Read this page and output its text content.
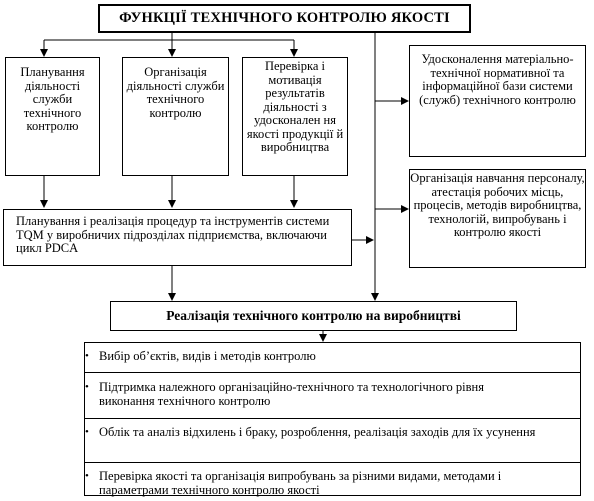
ФУНКЦІЇ ТЕХНІЧНОГО КОНТРОЛЮ ЯКОСТІ
Планування діяльності служби технічного контролю
Організація діяльності служби технічного контролю
Перевірка і мотивація результатів діяльності з удосконален ня якості продукції й виробництва
Удосконалення матеріально-технічної нормативної та інформаційної бази системи (служб) технічного контролю
Організація навчання персоналу, атестація робочих місць, процесів, методів виробництва, технологій, випробувань і контролю якості
Планування і реалізація процедур та інструментів системи TQM у виробничих підрозділах підприємства, включаючи цикл PDCA
Реалізація технічного контролю на виробництві
• Вибір об’єктів, видів і методів контролю
• Підтримка належного організаційно-технічного та технологічного рівня виконання технічного контролю
• Облік та аналіз відхилень і браку, розроблення, реалізація заходів для їх усунення
• Перевірка якості та організація випробувань за різними видами, методами і параметрами технічного контролю якості
